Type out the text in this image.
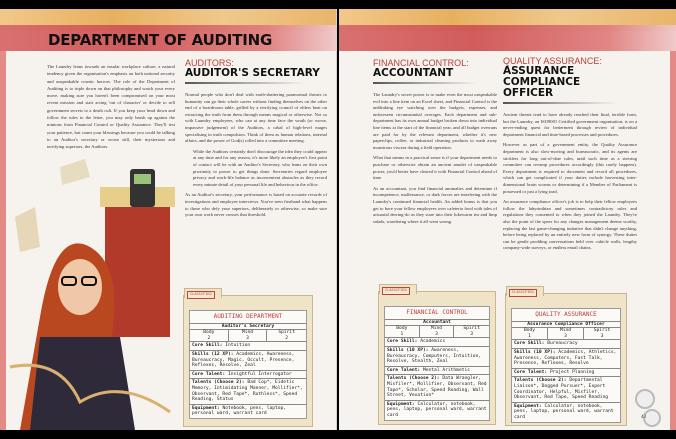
DEPARTMENT OF AUDITING

The Laundry leans towards an insular workplace culture, a natural tendency given the organisation's emphasis on both national security and unspeakable cosmic horrors. The role of the Department of Auditing is to triple down on that philosophy and watch your every move, making sure you haven't been compromised on your most recent mission and start acting 'out of character' or decide to sell government secrets to a death cult. If you keep your head down and follow the rules to the letter, you may only brush up against the minions from Financial Control or Quality Assurance. They'll test your patience, but count your blessings because you could be talking to an Auditor's secretary or worse still, their mysterious and terrifying superiors, the Auditors.

AUDITORS:
AUDITOR'S SECRETARY

Normal people who don't deal with earth-shattering paranormal threats to humanity can go their whole career without finding themselves on the other end of a boardroom table, grilled by a terrifying council of elders bent on extracting the truth from them through means magical or otherwise. Not so with Laundry employees, who can at any time face the wrath (or worse, impassive judgement) of the Auditors, a cabal of high-level mages specialising in truth compulsion. Think of them as human relations, internal affairs, and the power of God(s) rolled into a committee meeting.

While the Auditors certainly don't discourage the idea they could appear at any time and for any reason, it's more likely an employee's first point of contact will be with an Auditor's Secretary, who leans on their own proximity to power to get things done. Secretaries regard employee privacy and work-life balance as inconvenient obstacles as they record every minute detail of your personal life and behaviour in the office.

As an Auditor's secretary, your performance is based on accurate records of investigations and employee interviews. You've seen firsthand what happens to those who defy your superiors, deliberately or otherwise, so make sure your own work never crosses that threshold.

CLASSIFIED
AUDITING DEPARTMENT
Auditor's Secretary
Body	Mind	Spirit
2	3	2
Core Skill: Intuition
Skills (12 XP): Academics, Awareness, Bureaucracy, Magic, Occult, Presence, Reflexes, Resolve, Zeal
Core Talent: Insightful Interrogator
Talents (Choose 2): Bad Cop*, Eidetic Memory, Intimidating Manner, Mollifier*, Observant, Red Tape*, Ruthless*, Speed Reading, Status
Equipment: Notebook, pens, laptop, personal ward, warrant card
42
FINANCIAL CONTROL:
ACCOUNTANT

The Laundry's secret power is to make even the most unspeakable evil into a line item on an Excel sheet, and Financial Control is the unblinking eye watching over the budgets, expenses, and unforeseen circumstantial overages. Each department and sub-department has its own annual budget broken down into individual line items at the start of the financial year, and all budget overruns are paid for by the relevant department, whether it's new paperclips, coffee, or industrial cleaning products to wash away monstrous viscera during a field operation.

What that means in a practical sense is if your department needs to purchase or otherwise obtain an ancient amulet of unspeakable power, you'd better have cleared it with Financial Control ahead of time.

As an accountant, you find financial anomalies and determine if incompetence, malfeasance, or dark forces are interfering with the Laundry's continued financial health. An added bonus is that you get to bore your fellow employees over cafeteria food with tales of actuarial derring-do as they stare into their lukewarm tea and limp salads, wondering where it all went wrong.

QUALITY ASSURANCE:
ASSURANCE COMPLIANCE OFFICER

Ancient threats tend to have already reached their final, terrible form, but the Laundry, an ISO9001 Certified government organisation, is on a never-ending quest for betterment through review of individual department financial and time-based processes and procedures.

However as part of a government entity, the Quality Assurance department is also slow-moving and bureaucratic, and its agents are sticklers for long out-of-date rules, until such time as a steering committee can revamp procedures accordingly (this rarely happens). Every department is required to document and record all procedures, which can get complicated if your duties include harvesting inter-dimensional brain worms or determining if a Member of Parliament is possessed or just a lying toad.

An assurance compliance officer's job is to help their fellow employees follow the labyrinthian and sometimes contradictory rules and regulations they consented to when they joined the Laundry. They're also the point of the spear for any changes management deems worthy, replacing the last game-changing initiative that didn't change anything, before being replaced by an entirely new form of synergy. These duties can be gentle prodding conversations held over cubicle walls, lengthy company-wide surveys, or endless email chains.

CLASSIFIED
FINANCIAL CONTROL
Accountant
Body	Mind	Spirit
1	3	3
Core Skill: Academics
Skills (10 XP): Awareness, Bureaucracy, Computers, Intuition, Resolve, Stealth, Zeal
Core Talent: Mental Arithmetic
Talents (Choose 2): Data Wrangler, Misfiler*, Mollifier, Observant, Red Tape*, Scholar, Speed Reading, Wall Street, Vexation*
Equipment: Calculator, notebook, pens, laptop, personal ward, warrant card
CLASSIFIED
QUALITY ASSURANCE
Assurance Compliance Officer
Body	Mind	Spirit
1	3	3
Core Skill: Bureaucracy
Skills (10 XP): Academics, Athletics, Awareness, Computers, Fast Talk, Presence, Reflexes, Resolve
Core Talent: Project Planning
Talents (Choose 2): Departmental Liaison*, Dogged Pursuer*, Expert Coordinator, Helpful, Misfiler, Observant, Red Tape, Speed Reading
Equipment: Calculator, notebook, pens, laptop, personal ward, warrant card	43
